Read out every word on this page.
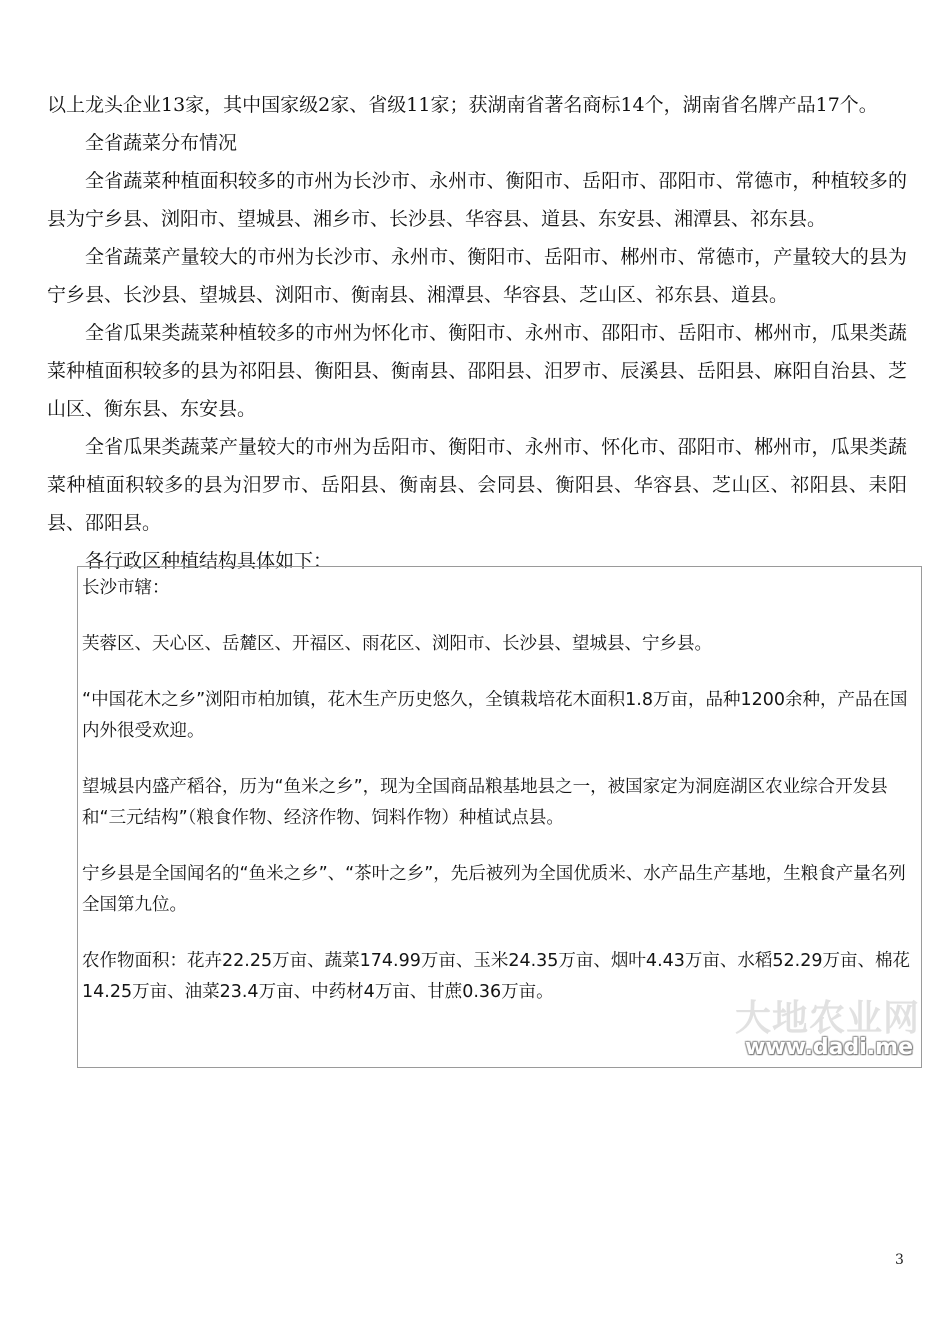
以上龙头企业13家，其中国家级2家、省级11家；获湖南省著名商标14个，湖南省名牌产品17个。

全省蔬菜分布情况

全省蔬菜种植面积较多的市州为长沙市、永州市、衡阳市、岳阳市、邵阳市、常德市，种植较多的县为宁乡县、浏阳市、望城县、湘乡市、长沙县、华容县、道县、东安县、湘潭县、祁东县。

全省蔬菜产量较大的市州为长沙市、永州市、衡阳市、岳阳市、郴州市、常德市，产量较大的县为宁乡县、长沙县、望城县、浏阳市、衡南县、湘潭县、华容县、芝山区、祁东县、道县。

全省瓜果类蔬菜种植较多的市州为怀化市、衡阳市、永州市、邵阳市、岳阳市、郴州市，瓜果类蔬菜种植面积较多的县为祁阳县、衡阳县、衡南县、邵阳县、汨罗市、辰溪县、岳阳县、麻阳自治县、芝山区、衡东县、东安县。

全省瓜果类蔬菜产量较大的市州为岳阳市、衡阳市、永州市、怀化市、邵阳市、郴州市，瓜果类蔬菜种植面积较多的县为汨罗市、岳阳县、衡南县、会同县、衡阳县、华容县、芝山区、祁阳县、耒阳县、邵阳县。

各行政区种植结构具体如下：

长沙市辖：

芙蓉区、天心区、岳麓区、开福区、雨花区、浏阳市、长沙县、望城县、宁乡县。

“中国花木之乡”浏阳市柏加镇，花木生产历史悠久，全镇栽培花木面积1.8万亩，品种1200余种，产品在国内外很受欢迎。

望城县内盛产稻谷，历为“鱼米之乡”，现为全国商品粮基地县之一，被国家定为洞庭湖区农业综合开发县和“三元结构”（粮食作物、经济作物、饲料作物）种植试点县。

宁乡县是全国闻名的“鱼米之乡”、“茶叶之乡”，先后被列为全国优质米、水产品生产基地，生粮食产量名列全国第九位。

农作物面积：花卉22.25万亩、蔬菜174.99万亩、玉米24.35万亩、烟叶4.43万亩、水稻52.29万亩、棉花14.25万亩、油菜23.4万亩、中药材4万亩、甘蔗0.36万亩。

大地农业网
www.dadi.me
3
